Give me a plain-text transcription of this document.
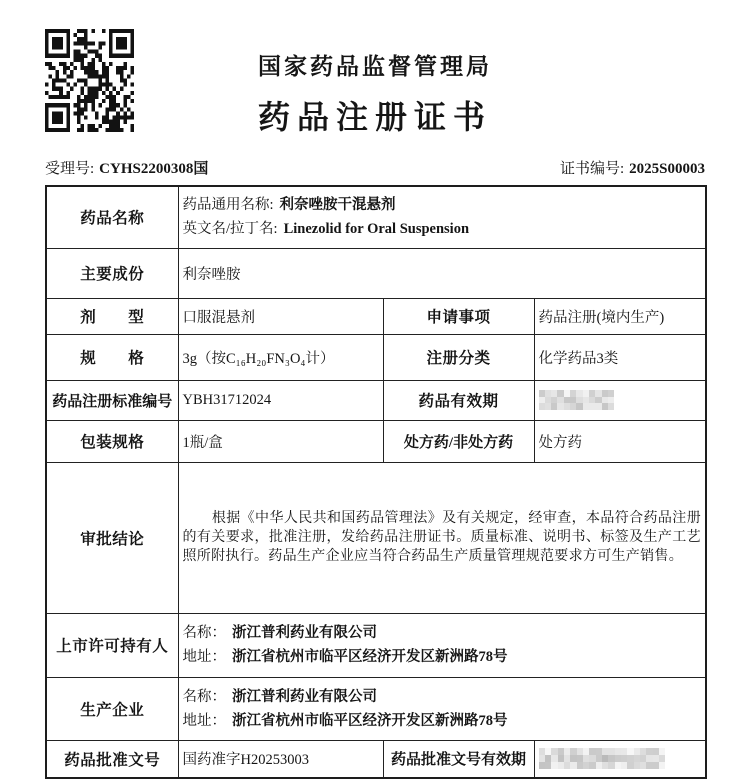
国家药品监督管理局
药品注册证书
受理号: CYHS2200308国	证书编号: 2025S00003
药品名称	药品通用名称: 利奈唑胺干混悬剂
英文名/拉丁名: Linezolid for Oral Suspension		

主要成份	利奈唑胺		
剂　　型	口服混悬剂	申请事项	药品注册(境内生产)
规　　格	3g（按C₁₆H₂₀FN₃O₄计）	注册分类	化学药品3类
药品注册标准编号	YBH31712024	药品有效期	
包装规格	1瓶/盒	处方药/非处方药	处方药
审批结论	根据《中华人民共和国药品管理法》及有关规定，经审查，本品符合药品注册的有关要求，批准注册，发给药品注册证书。质量标准、说明书、标签及生产工艺照所附执行。药品生产企业应当符合药品生产质量管理规范要求方可生产销售。		

上市许可持有人	名称： 浙江普利药业有限公司
地址： 浙江省杭州市临平区经济开发区新洲路78号		

生产企业	名称： 浙江普利药业有限公司
地址： 浙江省杭州市临平区经济开发区新洲路78号		

药品批准文号	国药准字H20253003	药品批准文号有效期	
